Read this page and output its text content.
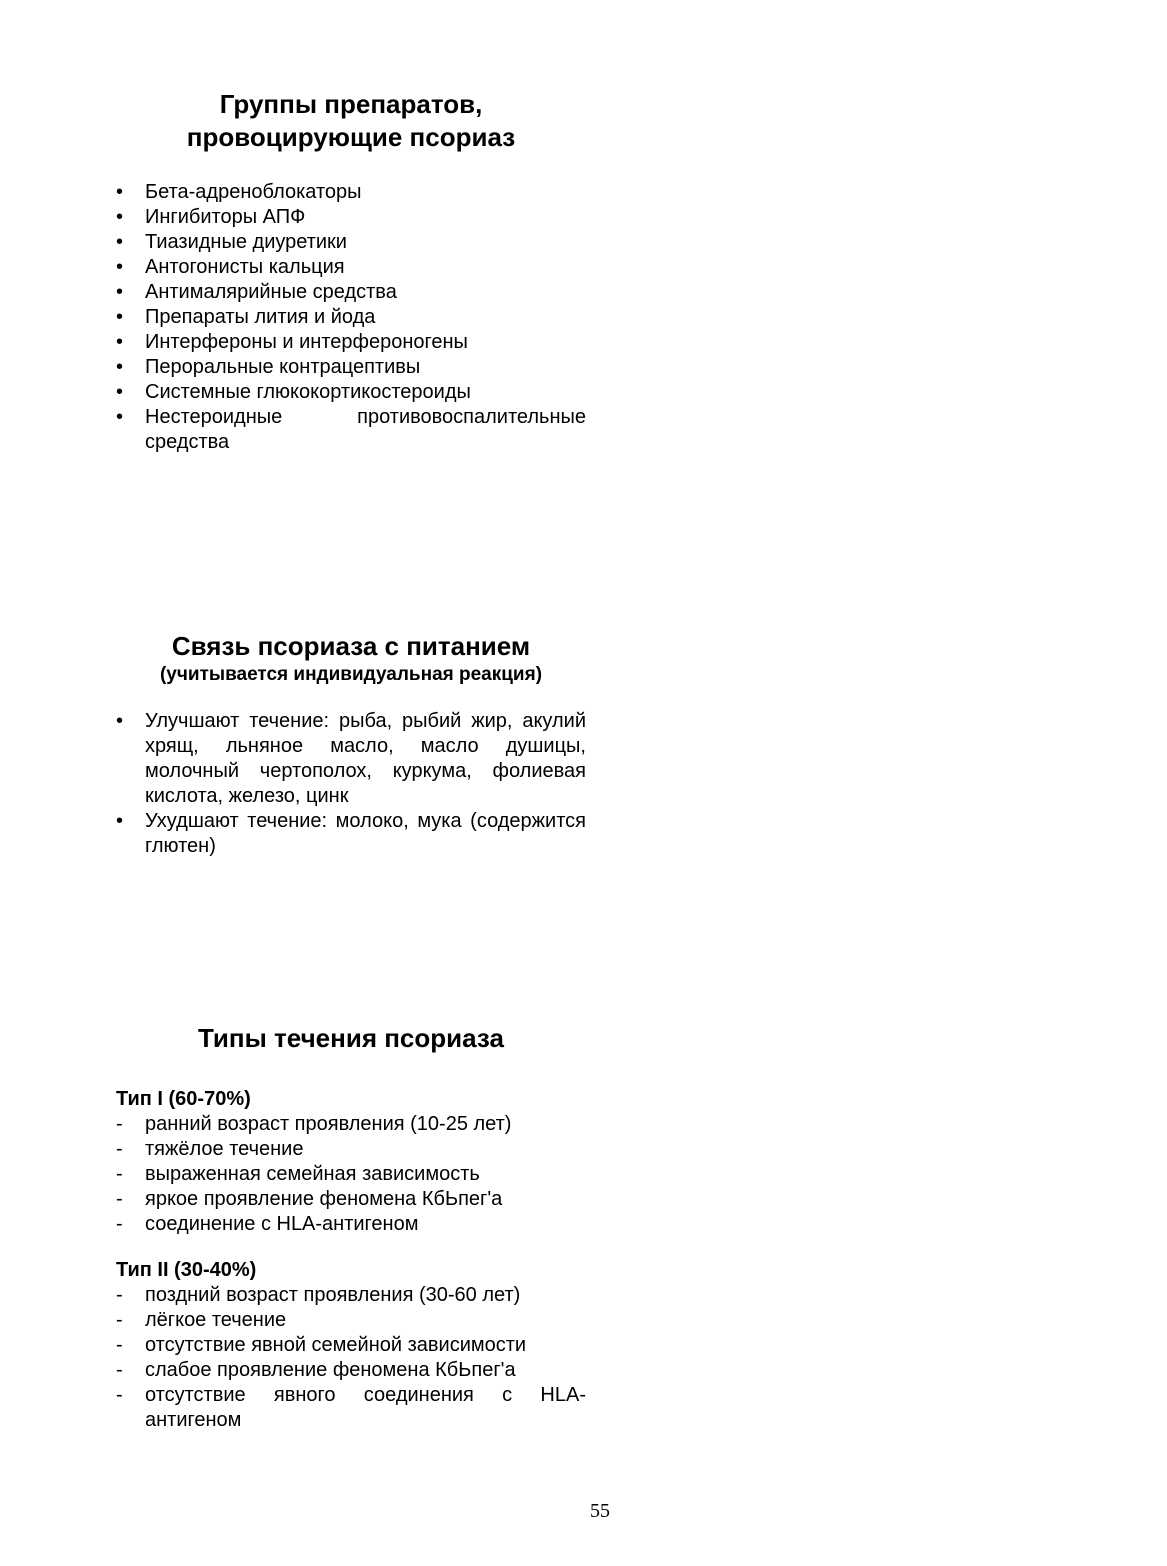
Группы препаратов,
провоцирующие псориаз
•	Бета-адреноблокаторы
•	Ингибиторы АПФ
•	Тиазидные диуретики
•	Антогонисты кальция
•	Антималярийные средства
•	Препараты лития и йода
•	Интерфероны и интерфероногены
•	Пероральные контрацептивы
•	Системные глюкокортикостероиды
•	Нестероидные противовоспалительные средства
Связь псориаза с питанием
(учитывается индивидуальная реакция)
•	Улучшают течение: рыба, рыбий жир, акулий хрящ, льняное масло, масло душицы, молочный чертополох, куркума, фолиевая кислота, железо, цинк
•	Ухудшают течение: молоко, мука (содержится глютен)
Типы течения псориаза
Тип I (60-70%)
-	ранний возраст проявления (10-25 лет)
-	тяжёлое течение
-	выраженная семейная зависимость
-	яркое проявление феномена КбЬпег'а
-	соединение с HLA-антигеном
Тип II (30-40%)
-	поздний возраст проявления (30-60 лет)
-	лёгкое течение
-	отсутствие явной семейной зависимости
-	слабое проявление феномена КбЬпег'а
-	отсутствие явного соединения с HLA-антигеном
55
